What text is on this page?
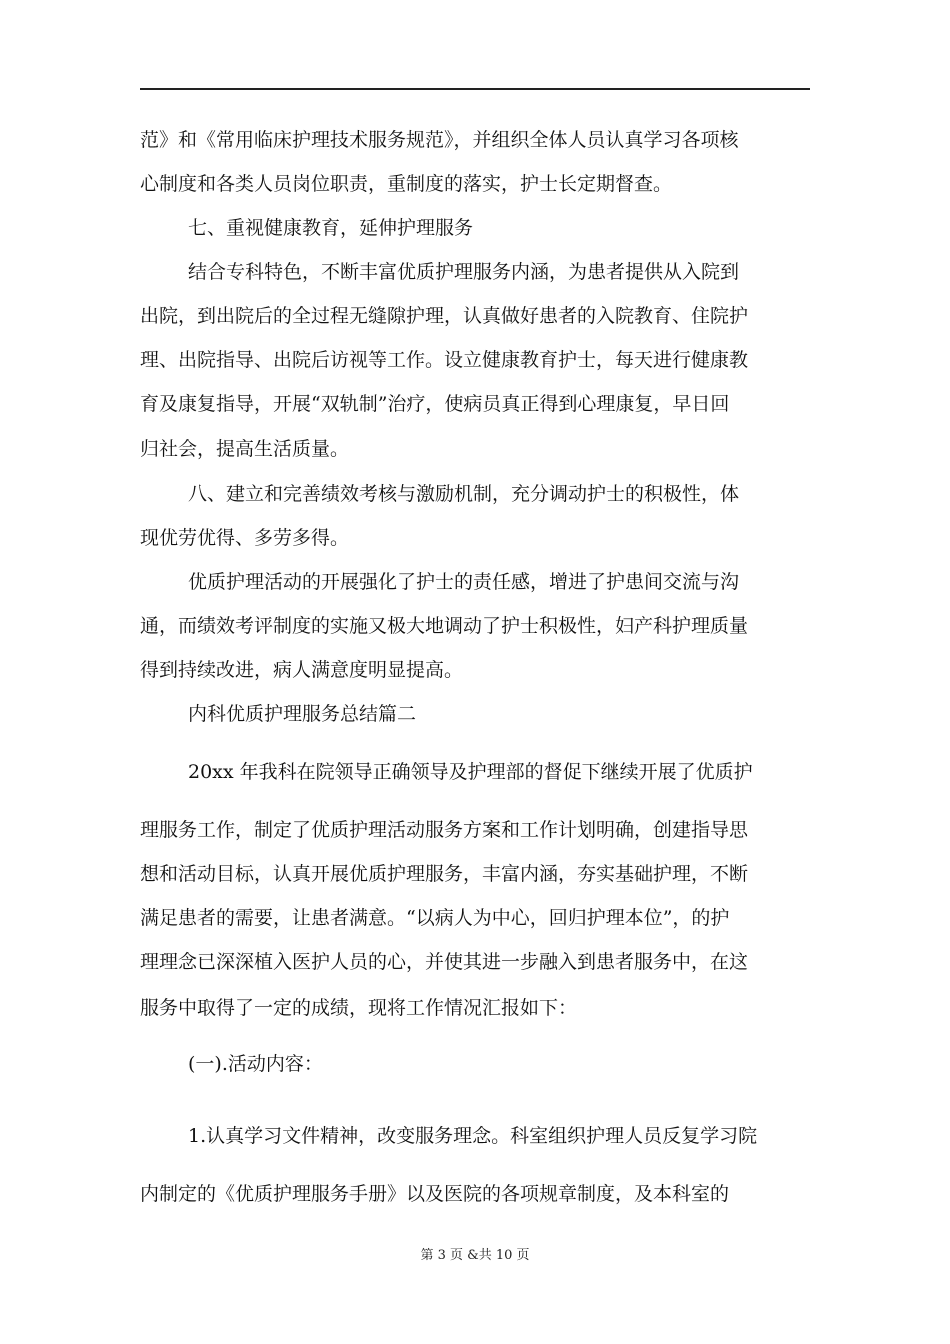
范》和《常用临床护理技术服务规范》，并组织全体人员认真学习各项核
心制度和各类人员岗位职责，重制度的落实，护士长定期督查。
七、重视健康教育，延伸护理服务
结合专科特色，不断丰富优质护理服务内涵，为患者提供从入院到
出院，到出院后的全过程无缝隙护理，认真做好患者的入院教育、住院护
理、出院指导、出院后访视等工作。设立健康教育护士，每天进行健康教
育及康复指导，开展“双轨制”治疗，使病员真正得到心理康复，早日回
归社会，提高生活质量。
八、建立和完善绩效考核与激励机制，充分调动护士的积极性，体
现优劳优得、多劳多得。
优质护理活动的开展强化了护士的责任感，增进了护患间交流与沟
通，而绩效考评制度的实施又极大地调动了护士积极性，妇产科护理质量
得到持续改进，病人满意度明显提高。
内科优质护理服务总结篇二
20xx 年我科在院领导正确领导及护理部的督促下继续开展了优质护
理服务工作，制定了优质护理活动服务方案和工作计划明确，创建指导思
想和活动目标，认真开展优质护理服务，丰富内涵，夯实基础护理，不断
满足患者的需要，让患者满意。“以病人为中心，回归护理本位”，的护
理理念已深深植入医护人员的心，并使其进一步融入到患者服务中，在这
服务中取得了一定的成绩，现将工作情况汇报如下：
(一).活动内容：
1.认真学习文件精神，改变服务理念。科室组织护理人员反复学习院
内制定的《优质护理服务手册》以及医院的各项规章制度，及本科室的
第 3 页 &共 10 页
